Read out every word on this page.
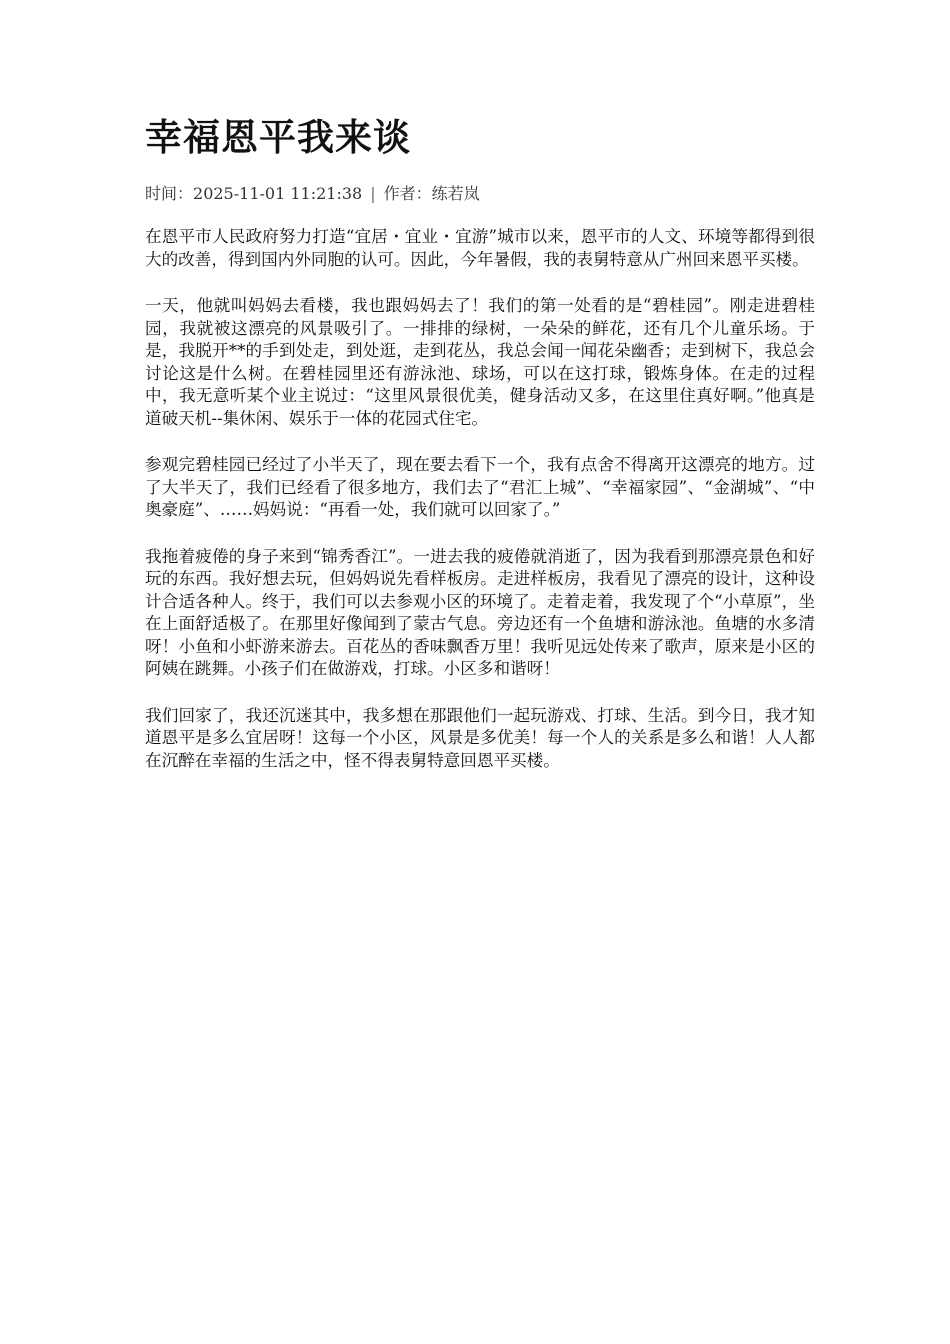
幸福恩平我来谈
时间：2025-11-01 11:21:38 | 作者：练若岚

在恩平市人民政府努力打造“宜居・宜业・宜游”城市以来，恩平市的人文、环境等都得到很大的改善，得到国内外同胞的认可。因此，今年暑假，我的表舅特意从广州回来恩平买楼。

一天，他就叫妈妈去看楼，我也跟妈妈去了！我们的第一处看的是“碧桂园”。刚走进碧桂园，我就被这漂亮的风景吸引了。一排排的绿树，一朵朵的鲜花，还有几个儿童乐场。于是，我脱开**的手到处走，到处逛，走到花丛，我总会闻一闻花朵幽香；走到树下，我总会讨论这是什么树。在碧桂园里还有游泳池、球场，可以在这打球，锻炼身体。在走的过程中，我无意听某个业主说过：“这里风景很优美，健身活动又多，在这里住真好啊。”他真是道破天机--集休闲、娱乐于一体的花园式住宅。

参观完碧桂园已经过了小半天了，现在要去看下一个，我有点舍不得离开这漂亮的地方。过了大半天了，我们已经看了很多地方，我们去了“君汇上城”、“幸福家园”、“金湖城”、“中奥豪庭”、……妈妈说：“再看一处，我们就可以回家了。”

我拖着疲倦的身子来到“锦秀香江”。一进去我的疲倦就消逝了，因为我看到那漂亮景色和好玩的东西。我好想去玩，但妈妈说先看样板房。走进样板房，我看见了漂亮的设计，这种设计合适各种人。终于，我们可以去参观小区的环境了。走着走着，我发现了个“小草原”，坐在上面舒适极了。在那里好像闻到了蒙古气息。旁边还有一个鱼塘和游泳池。鱼塘的水多清呀！小鱼和小虾游来游去。百花丛的香味飘香万里！我听见远处传来了歌声，原来是小区的阿姨在跳舞。小孩子们在做游戏，打球。小区多和谐呀！

我们回家了，我还沉迷其中，我多想在那跟他们一起玩游戏、打球、生活。到今日，我才知道恩平是多么宜居呀！这每一个小区，风景是多优美！每一个人的关系是多么和谐！人人都在沉醉在幸福的生活之中，怪不得表舅特意回恩平买楼。
